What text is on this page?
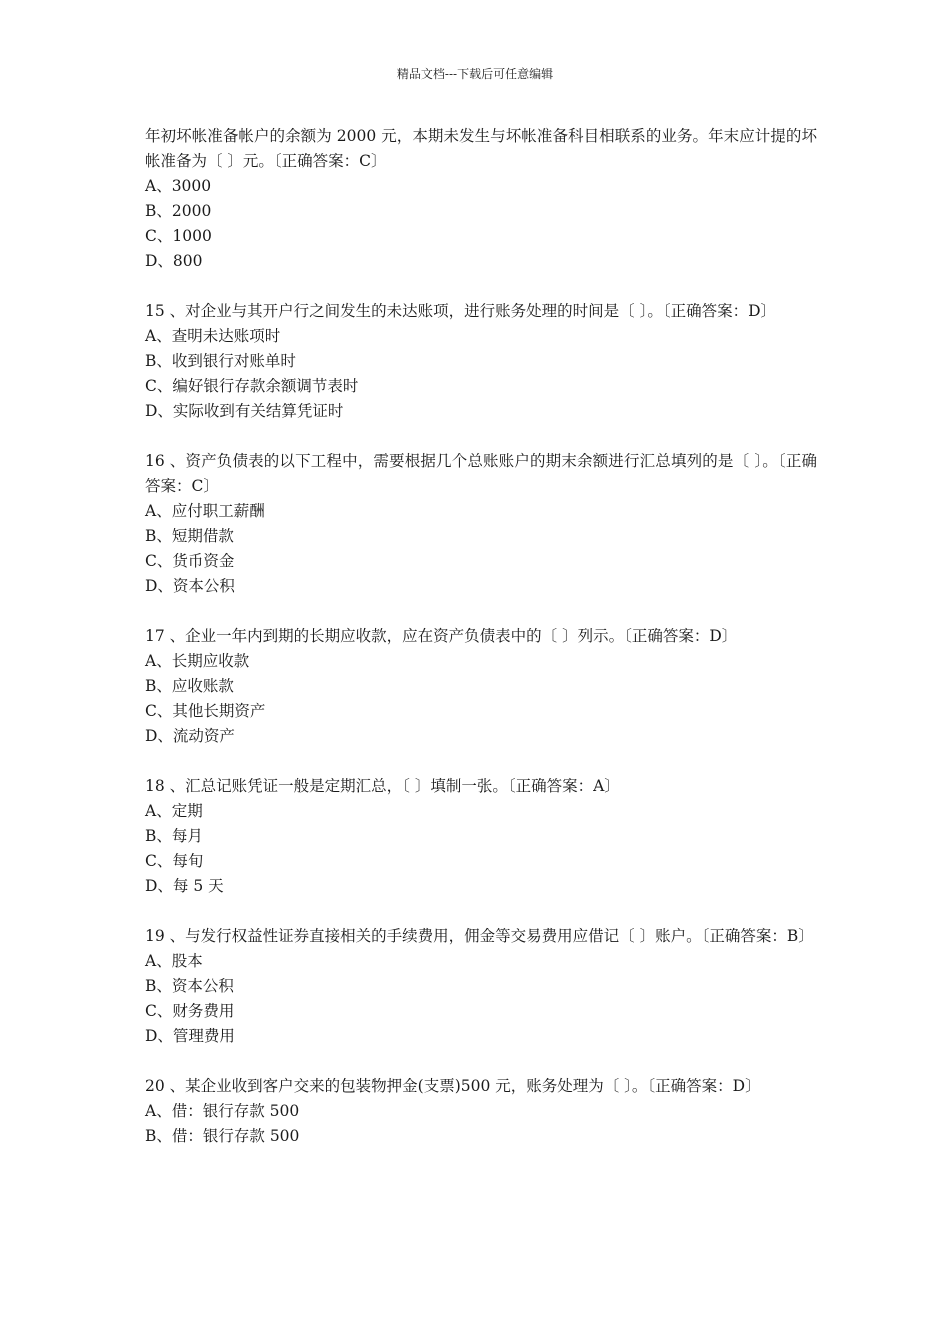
精品文档---下载后可任意编辑

年初坏帐准备帐户的余额为 2000 元，本期未发生与坏帐准备科目相联系的业务。年末应计提的坏帐准备为〔 〕元。〔正确答案：C〕

A、3000

B、2000

C、1000

D、800

15 、对企业与其开户行之间发生的未达账项，进行账务处理的时间是〔 〕。〔正确答案：D〕

A、查明未达账项时

B、收到银行对账单时

C、编好银行存款余额调节表时

D、实际收到有关结算凭证时

16 、资产负债表的以下工程中，需要根据几个总账账户的期末余额进行汇总填列的是〔 〕。〔正确答案：C〕

A、应付职工薪酬

B、短期借款

C、货币资金

D、资本公积

17 、企业一年内到期的长期应收款，应在资产负债表中的〔 〕列示。〔正确答案：D〕

A、长期应收款

B、应收账款

C、其他长期资产

D、流动资产

18 、汇总记账凭证一般是定期汇总，〔 〕填制一张。〔正确答案：A〕

A、定期

B、每月

C、每旬

D、每 5 天

19 、与发行权益性证券直接相关的手续费用，佣金等交易费用应借记〔 〕账户。〔正确答案：B〕

A、股本

B、资本公积

C、财务费用

D、管理费用

20 、某企业收到客户交来的包装物押金(支票)500 元，账务处理为〔 〕。〔正确答案：D〕

A、借：银行存款 500

B、借：银行存款 500
